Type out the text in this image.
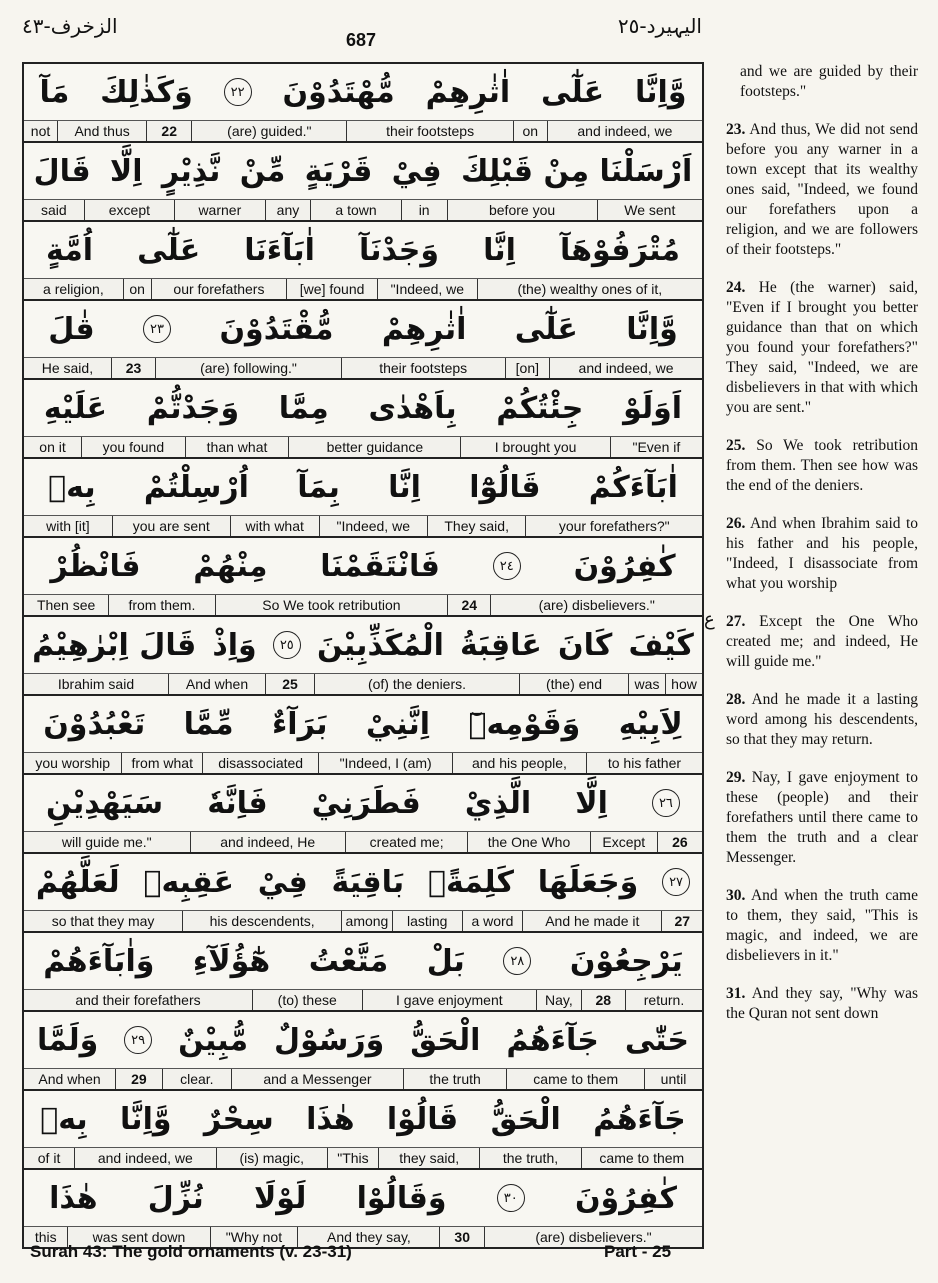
الیہیرد-٢٥
687
الزخرف-٤٣
وَّاِنَّا
عَلٰٓی
اٰثٰرِهِمْ
مُّهْتَدُوْنَ
٢٢
وَكَذٰلِكَ
مَآ
and indeed, we
on
their footsteps
(are) guided."
22
And thus
not
اَرْسَلْنَا مِنْ قَبْلِكَ
فِيْ
قَرْيَةٍ
مِّنْ
نَّذِيْرٍ
اِلَّا
قَالَ
We sent
before you
in
a town
any
warner
except
said
مُتْرَفُوْهَآ
اِنَّا
وَجَدْنَآ
اٰبَآءَنَا
عَلٰٓی
اُمَّةٍ
(the) wealthy ones of it,
"Indeed, we
[we] found
our forefathers
on
a religion,
وَّاِنَّا
عَلٰٓی
اٰثٰرِهِمْ
مُّقْتَدُوْنَ
٢٣
قٰلَ
and indeed, we
[on]
their footsteps
(are) following."
23
He said,
اَوَلَوْ
جِئْتُكُمْ
بِاَهْدٰی
مِمَّا
وَجَدْتُّمْ
عَلَيْهِ
"Even if
I brought you
better guidance
than what
you found
on it
اٰبَآءَكُمْ
قَالُوْٓا
اِنَّا
بِمَآ
اُرْسِلْتُمْ
بِهٖ
your forefathers?"
They said,
"Indeed, we
with what
you are sent
with [it]
كٰفِرُوْنَ
٢٤
فَانْتَقَمْنَا
مِنْهُمْ
فَانْظُرْ
(are) disbelievers."
24
So We took retribution
from them.
Then see
كَيْفَ
كَانَ
عَاقِبَةُ
الْمُكَذِّبِيْنَ
٢٥
وَاِذْ
قَالَ اِبْرٰهِيْمُ
how
was
(the) end
(of) the deniers.
25
And when
Ibrahim said
لِاَبِيْهِ
وَقَوْمِهٖٓ
اِنَّنِيْ
بَرَآءٌ
مِّمَّا
تَعْبُدُوْنَ
to his father
and his people,
"Indeed, I (am)
disassociated
from what
you worship
٢٦
اِلَّا
الَّذِيْ
فَطَرَنِيْ
فَاِنَّهٗ
سَيَهْدِيْنِ
26
Except
the One Who
created me;
and indeed, He
will guide me."
٢٧
وَجَعَلَهَا
كَلِمَةًۢ
بَاقِيَةً
فِيْ
عَقِبِهٖ
لَعَلَّهُمْ
27
And he made it
a word
lasting
among
his descendents,
so that they may
يَرْجِعُوْنَ
٢٨
بَلْ
مَتَّعْتُ
هٰٓؤُلَآءِ
وَاٰبَآءَهُمْ
return.
28
Nay,
I gave enjoyment
(to) these
and their forefathers
حَتّٰی
جَآءَهُمُ
الْحَقُّ
وَرَسُوْلٌ
مُّبِيْنٌ
٢٩
وَلَمَّا
until
came to them
the truth
and a Messenger
clear.
29
And when
جَآءَهُمُ
الْحَقُّ
قَالُوْا
هٰذَا
سِحْرٌ
وَّاِنَّا
بِهٖ
came to them
the truth,
they said,
"This
(is) magic,
and indeed, we
of it
كٰفِرُوْنَ
٣٠
وَقَالُوْا
لَوْلَا
نُزِّلَ
هٰذَا
(are) disbelievers."
30
And they say,
"Why not
was sent down
this
ع
and we are guided by their footsteps."
23. And thus, We did not send before you any warner in a town except that its wealthy ones said, "Indeed, we found our forefathers upon a religion, and we are followers of their footsteps."
24. He (the warner) said, "Even if I brought you better guidance than that on which you found your forefathers?" They said, "Indeed, we are disbelievers in that with which you are sent."
25. So We took retribution from them. Then see how was the end of the deniers.
26. And when Ibrahim said to his father and his people, "Indeed, I disassociate from what you worship
27. Except the One Who created me; and indeed, He will guide me."
28. And he made it a lasting word among his descendents, so that they may return.
29. Nay, I gave enjoyment to these (people) and their forefathers until there came to them the truth and a clear Messenger.
30. And when the truth came to them, they said, "This is magic, and indeed, we are disbelievers in it."
31. And they say, "Why was the Quran not sent down
Surah 43: The gold ornaments (v. 23-31)	Part - 25
